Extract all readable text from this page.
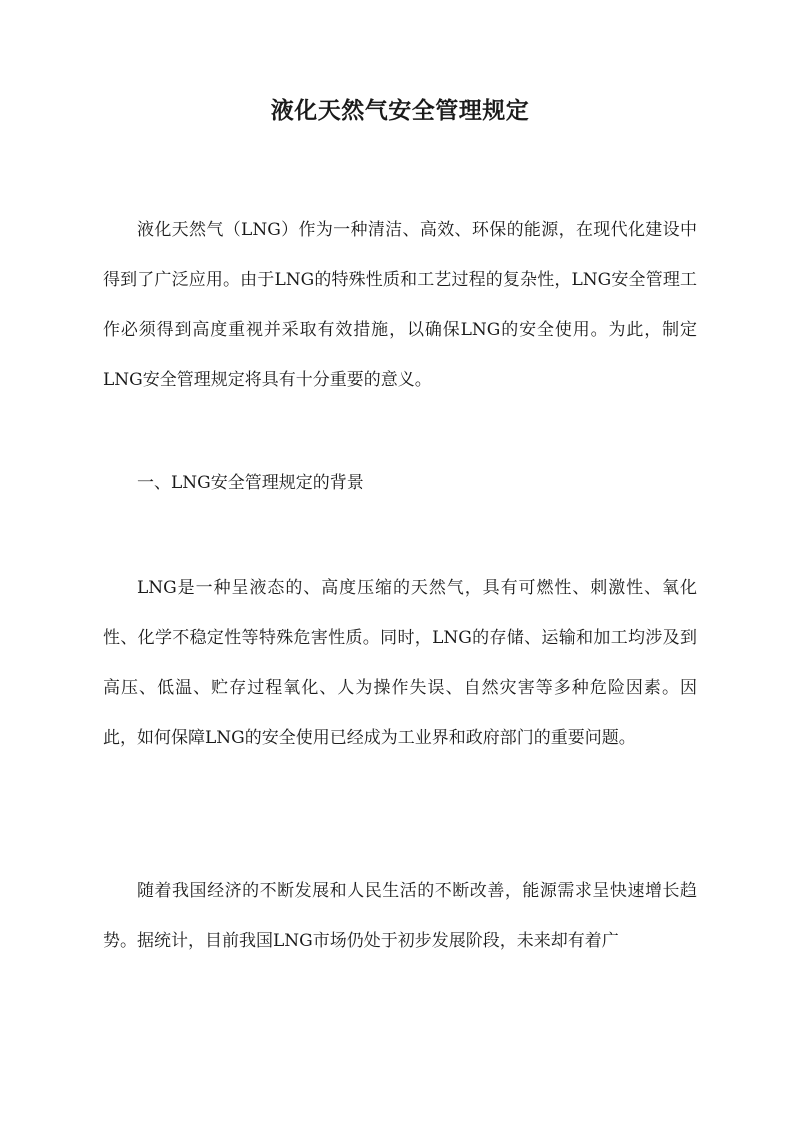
液化天然气安全管理规定

液化天然气（LNG）作为一种清洁、高效、环保的能源，在现代化建设中得到了广泛应用。由于LNG的特殊性质和工艺过程的复杂性，LNG安全管理工作必须得到高度重视并采取有效措施，以确保LNG的安全使用。为此，制定LNG安全管理规定将具有十分重要的意义。

一、LNG安全管理规定的背景

LNG是一种呈液态的、高度压缩的天然气，具有可燃性、刺激性、氧化性、化学不稳定性等特殊危害性质。同时，LNG的存储、运输和加工均涉及到高压、低温、贮存过程氧化、人为操作失误、自然灾害等多种危险因素。因此，如何保障LNG的安全使用已经成为工业界和政府部门的重要问题。

随着我国经济的不断发展和人民生活的不断改善，能源需求呈快速增长趋势。据统计，目前我国LNG市场仍处于初步发展阶段，未来却有着广
